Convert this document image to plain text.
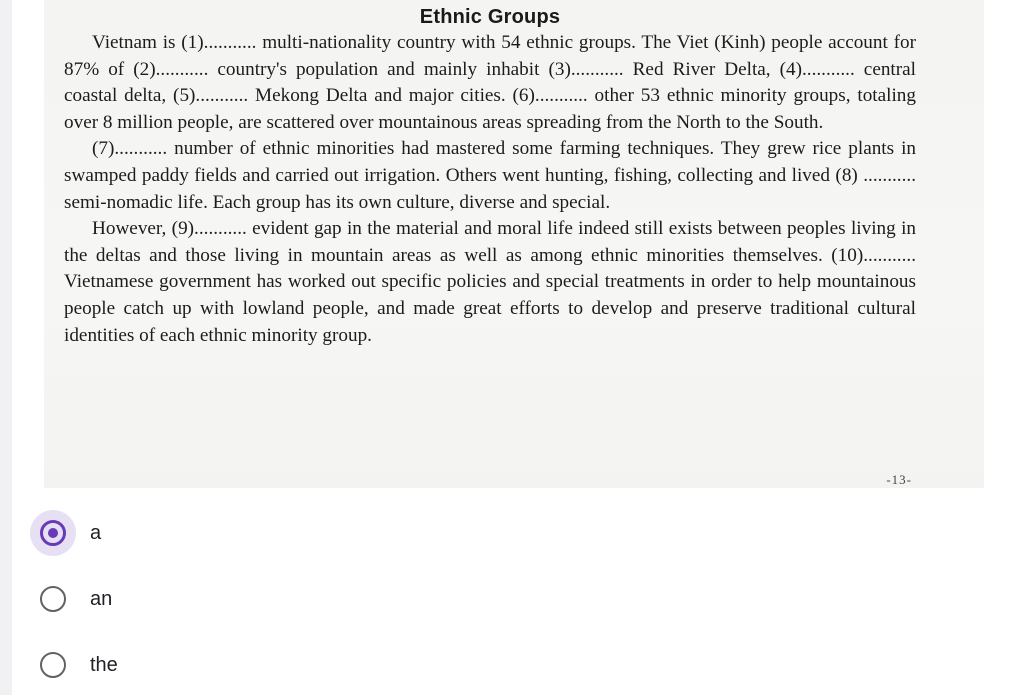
Ethnic Groups

Vietnam is (1)........... multi-nationality country with 54 ethnic groups. The Viet (Kinh) people account for 87% of (2)........... country's population and mainly inhabit (3)........... Red River Delta, (4)........... central coastal delta, (5)........... Mekong Delta and major cities. (6)........... other 53 ethnic minority groups, totaling over 8 million people, are scattered over mountainous areas spreading from the North to the South.

(7)........... number of ethnic minorities had mastered some farming techniques. They grew rice plants in swamped paddy fields and carried out irrigation. Others went hunting, fishing, collecting and lived (8) ........... semi-nomadic life. Each group has its own culture, diverse and special.

However, (9)........... evident gap in the material and moral life indeed still exists between peoples living in the deltas and those living in mountain areas as well as among ethnic minorities themselves. (10)........... Vietnamese government has worked out specific policies and special treatments in order to help mountainous people catch up with lowland people, and made great efforts to develop and preserve traditional cultural identities of each ethnic minority group.

-13-
a
an
the
